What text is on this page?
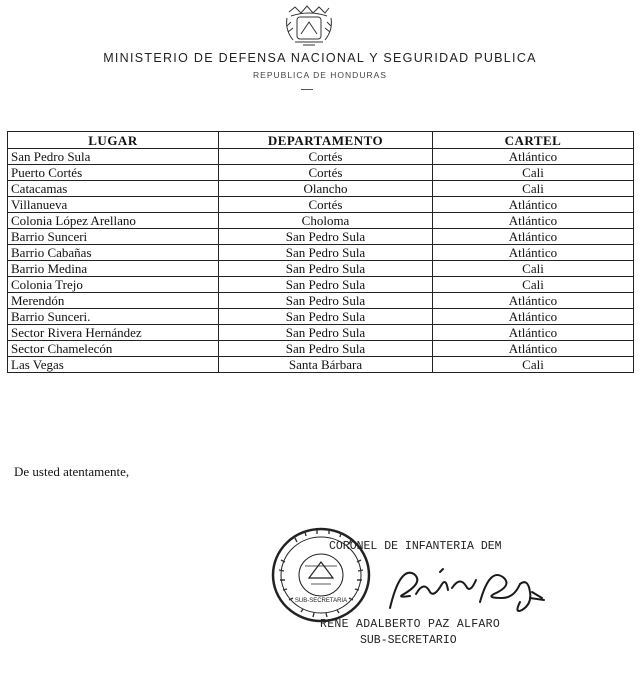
MINISTERIO DE DEFENSA NACIONAL Y SEGURIDAD PUBLICA
REPUBLICA DE HONDURAS
LUGAR	DEPARTAMENTO	CARTEL
San Pedro Sula	Cortés	Atlántico
Puerto Cortés	Cortés	Cali
Catacamas	Olancho	Cali
Villanueva	Cortés	Atlántico
Colonia López Arellano	Choloma	Atlántico
Barrio Sunceri	San Pedro Sula	Atlántico
Barrio Cabañas	San Pedro Sula	Atlántico
Barrio Medina	San Pedro Sula	Cali
Colonia Trejo	San Pedro Sula	Cali
Merendón	San Pedro Sula	Atlántico
Barrio Sunceri.	San Pedro Sula	Atlántico
Sector Rivera Hernández	San Pedro Sula	Atlántico
Sector Chamelecón	San Pedro Sula	Atlántico
Las Vegas	Santa Bárbara	Cali
De usted atentamente,
SUB-SECRETARIA
CORONEL DE INFANTERIA DEM
RENE ADALBERTO PAZ ALFARO
SUB-SECRETARIO
